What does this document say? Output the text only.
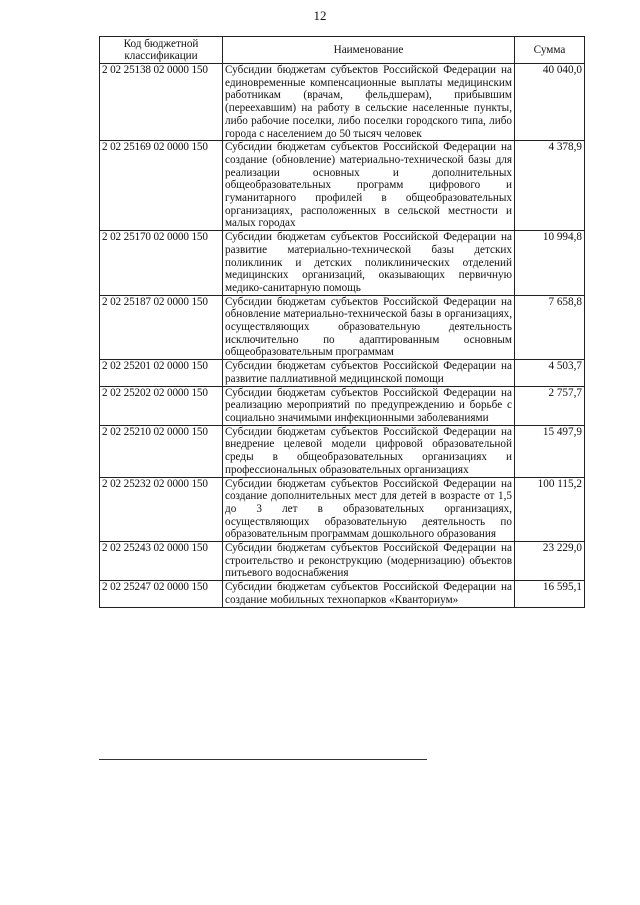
12
Код бюджетной классификации	Наименование	Сумма
2 02 25138 02 0000 150	Субсидии бюджетам субъектов Российской Федерации на единовременные компенсационные выплаты медицинским работникам (врачам, фельдшерам), прибывшим (переехавшим) на работу в сельские населенные пункты, либо рабочие поселки, либо поселки городского типа, либо города с населением до 50 тысяч человек	40 040,0
2 02 25169 02 0000 150	Субсидии бюджетам субъектов Российской Федерации на создание (обновление) материально-технической базы для реализации основных и дополнительных общеобразовательных программ цифрового и гуманитарного профилей в общеобразовательных организациях, расположенных в сельской местности и малых городах	4 378,9
2 02 25170 02 0000 150	Субсидии бюджетам субъектов Российской Федерации на развитие материально-технической базы детских поликлиник и детских поликлинических отделений медицинских организаций, оказывающих первичную медико-санитарную помощь	10 994,8
2 02 25187 02 0000 150	Субсидии бюджетам субъектов Российской Федерации на обновление материально-технической базы в организациях, осуществляющих образовательную деятельность исключительно по адаптированным основным общеобразовательным программам	7 658,8
2 02 25201 02 0000 150	Субсидии бюджетам субъектов Российской Федерации на развитие паллиативной медицинской помощи	4 503,7
2 02 25202 02 0000 150	Субсидии бюджетам субъектов Российской Федерации на реализацию мероприятий по предупреждению и борьбе с социально значимыми инфекционными заболеваниями	2 757,7
2 02 25210 02 0000 150	Субсидии бюджетам субъектов Российской Федерации на внедрение целевой модели цифровой образовательной среды в общеобразовательных организациях и профессиональных образовательных организациях	15 497,9
2 02 25232 02 0000 150	Субсидии бюджетам субъектов Российской Федерации на создание дополнительных мест для детей в возрасте от 1,5 до 3 лет в образовательных организациях, осуществляющих образовательную деятельность по образовательным программам дошкольного образования	100 115,2
2 02 25243 02 0000 150	Субсидии бюджетам субъектов Российской Федерации на строительство и реконструкцию (модернизацию) объектов питьевого водоснабжения	23 229,0
2 02 25247 02 0000 150	Субсидии бюджетам субъектов Российской Федерации на создание мобильных технопарков «Кванториум»	16 595,1
